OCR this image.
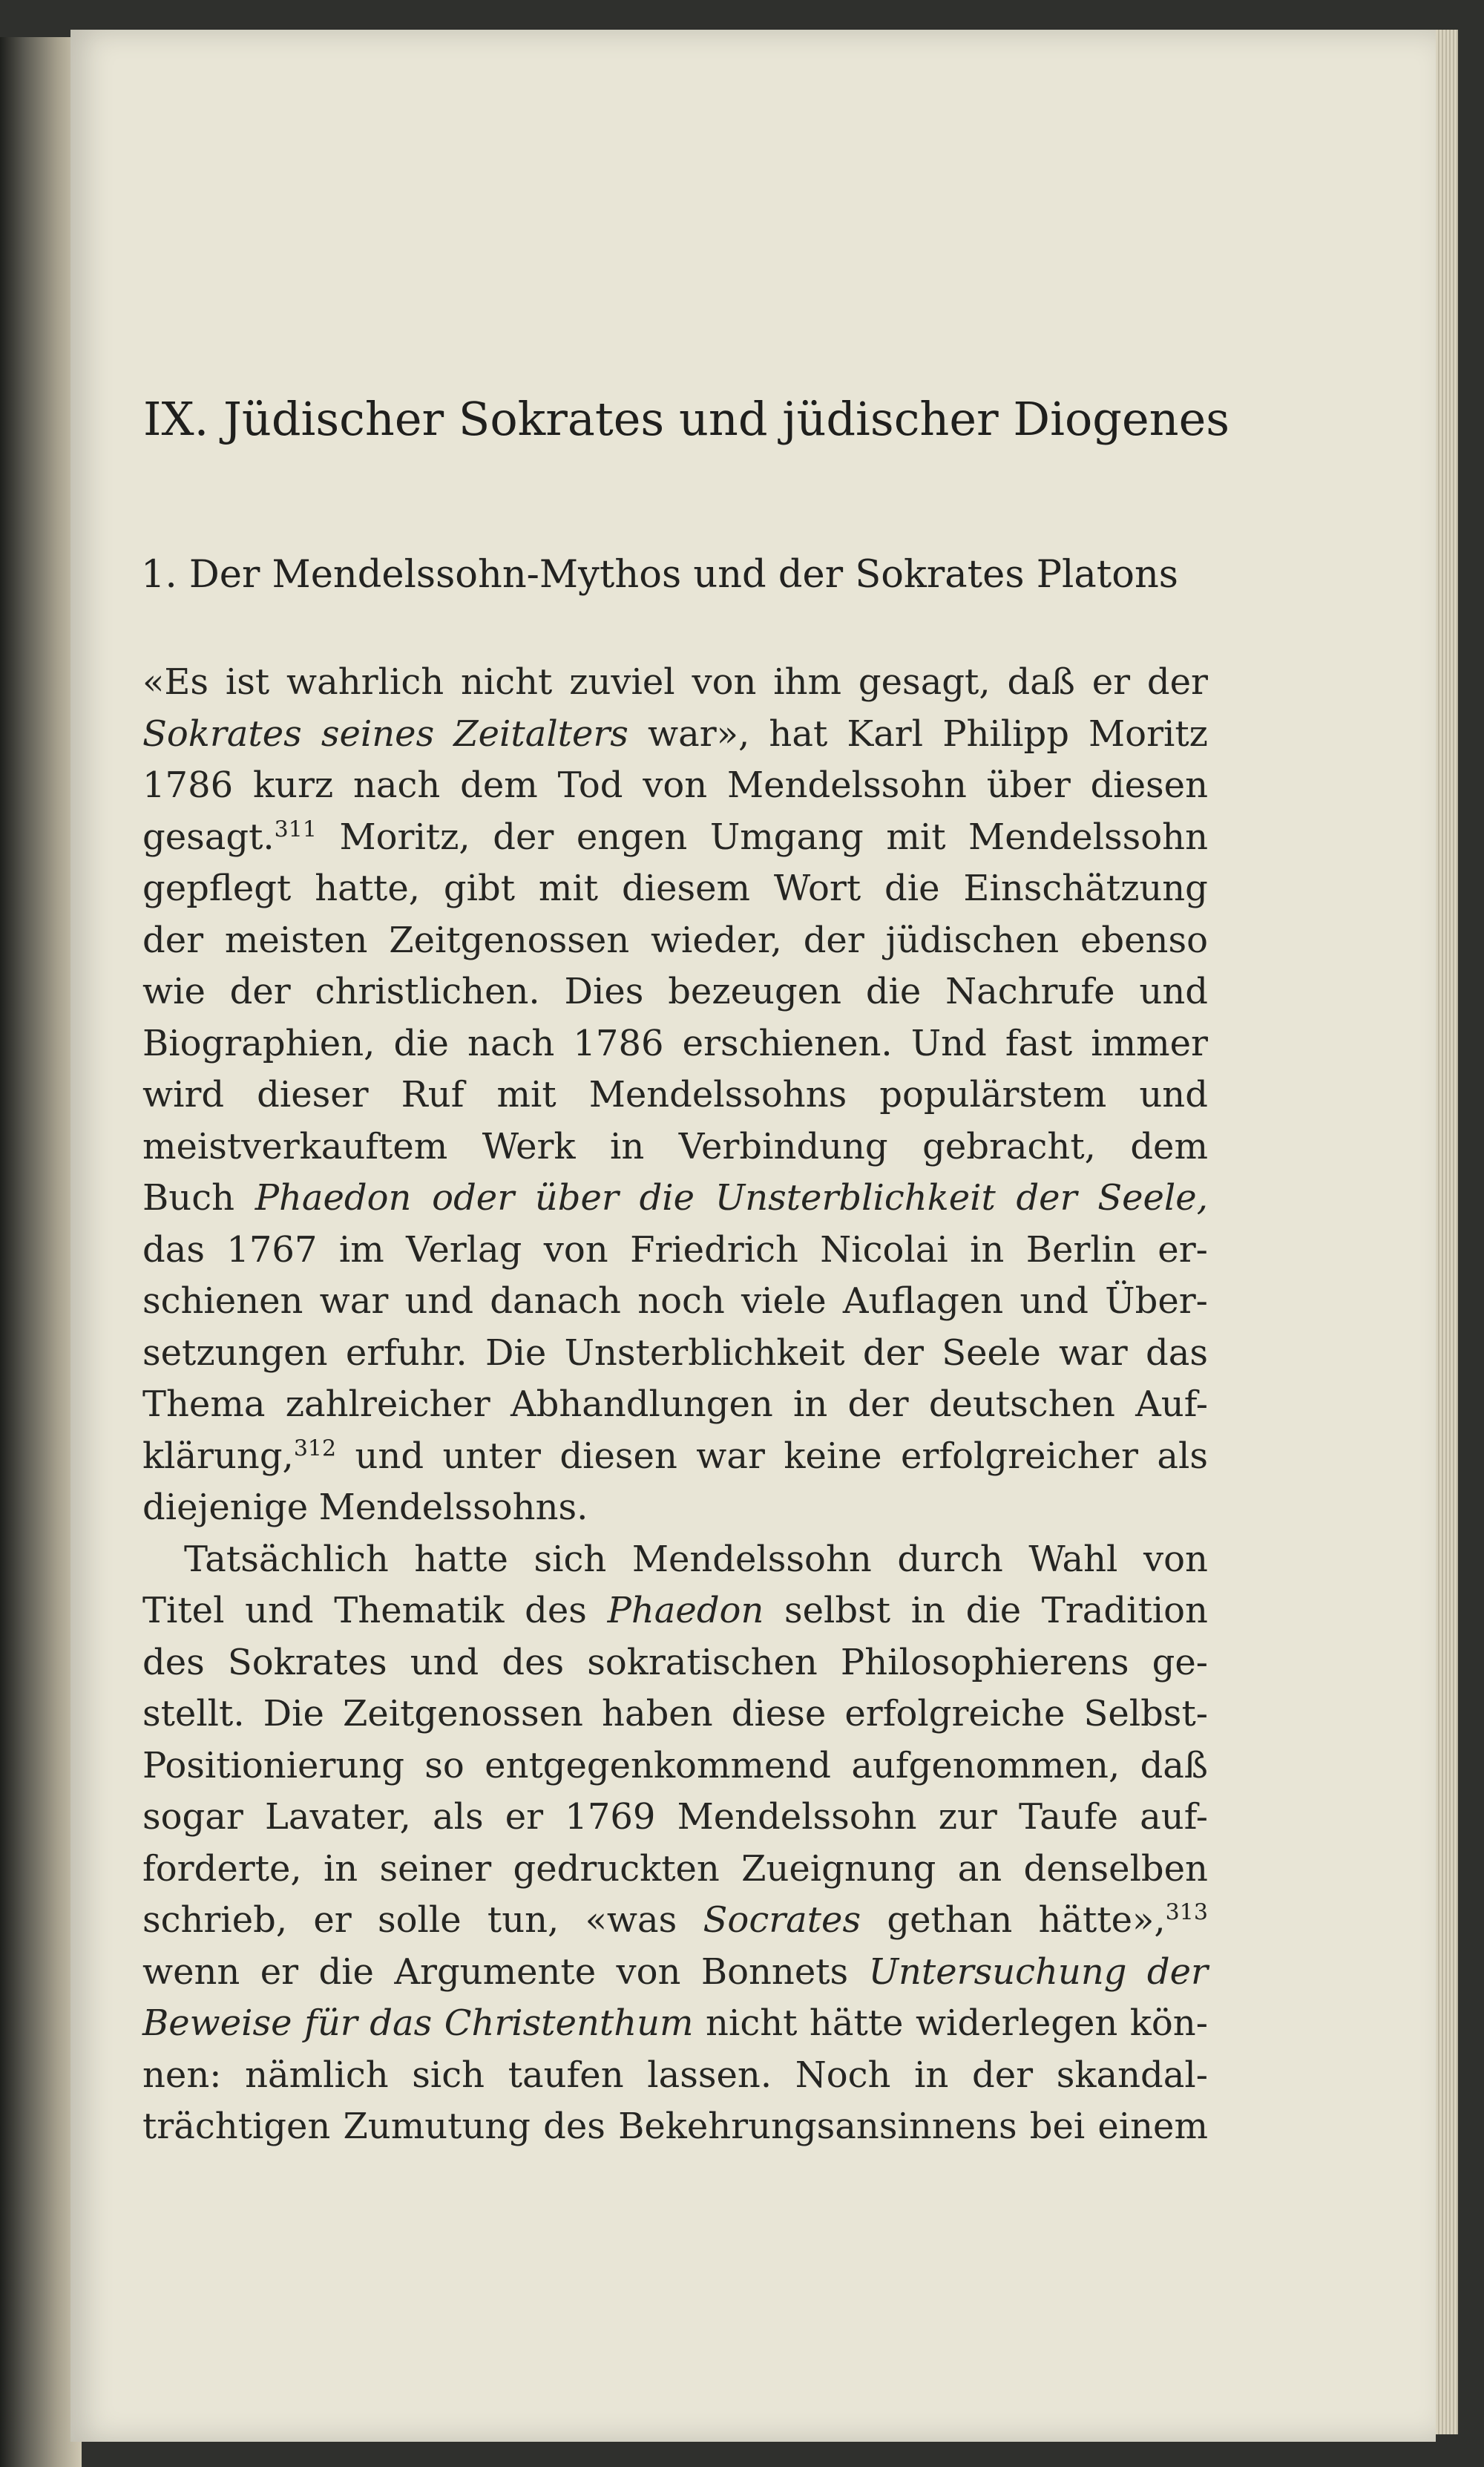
IX. Jüdischer Sokrates und jüdischer Diogenes
1. Der Mendelssohn-Mythos und der Sokrates Platons
«Es ist wahrlich nicht zuviel von ihm gesagt, daß er der
Sokrates seines Zeitalters war», hat Karl Philipp Moritz
1786 kurz nach dem Tod von Mendelssohn über diesen
gesagt.$^{311}$ Moritz, der engen Umgang mit Mendelssohn
gepflegt hatte, gibt mit diesem Wort die Einschätzung
der meisten Zeitgenossen wieder, der jüdischen ebenso
wie der christlichen. Dies bezeugen die Nachrufe und
Biographien, die nach 1786 erschienen. Und fast immer
wird dieser Ruf mit Mendelssohns populärstem und
meistverkauftem Werk in Verbindung gebracht, dem
Buch Phaedon oder über die Unsterblichkeit der Seele,
das 1767 im Verlag von Friedrich Nicolai in Berlin er-
schienen war und danach noch viele Auflagen und Über-
setzungen erfuhr. Die Unsterblichkeit der Seele war das
Thema zahlreicher Abhandlungen in der deutschen Auf-
klärung,$^{312}$ und unter diesen war keine erfolgreicher als
diejenige Mendelssohns.
Tatsächlich hatte sich Mendelssohn durch Wahl von
Titel und Thematik des Phaedon selbst in die Tradition
des Sokrates und des sokratischen Philosophierens ge-
stellt. Die Zeitgenossen haben diese erfolgreiche Selbst-
Positionierung so entgegenkommend aufgenommen, daß
sogar Lavater, als er 1769 Mendelssohn zur Taufe auf-
forderte, in seiner gedruckten Zueignung an denselben
schrieb, er solle tun, «was Socrates gethan hätte»,$^{313}$
wenn er die Argumente von Bonnets Untersuchung der
Beweise für das Christenthum nicht hätte widerlegen kön-
nen: nämlich sich taufen lassen. Noch in der skandal-
trächtigen Zumutung des Bekehrungsansinnens bei einem
